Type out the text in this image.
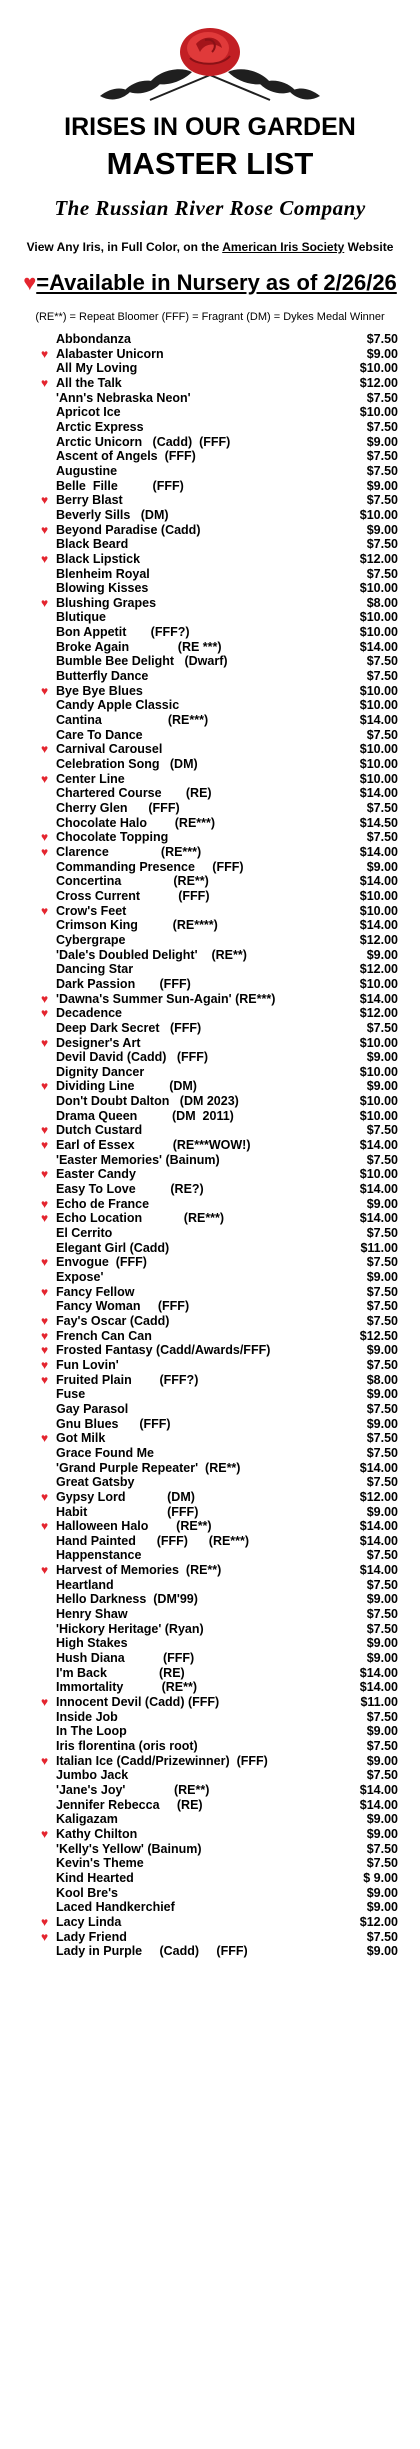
IRISES IN OUR GARDEN
MASTER LIST
The Russian River Rose Company
View Any Iris, in Full Color, on the American Iris Society Website
♥=Available in Nursery as of 2/26/26
(RE**) = Repeat Bloomer (FFF) = Fragrant (DM) = Dykes Medal Winner
Abbondanza	$7.50
♥ Alabaster Unicorn	$9.00
All My Loving	$10.00
♥ All the Talk	$12.00
'Ann's Nebraska Neon'	$7.50
Apricot Ice	$10.00
Arctic Express	$7.50
Arctic Unicorn   (Cadd)  (FFF)	$9.00
Ascent of Angels  (FFF)	$7.50
Augustine	$7.50
Belle  Fille          (FFF)	$9.00
♥ Berry Blast	$7.50
Beverly Sills   (DM)	$10.00
♥ Beyond Paradise (Cadd)	$9.00
Black Beard	$7.50
♥ Black Lipstick	$12.00
Blenheim Royal	$7.50
Blowing Kisses	$10.00
♥ Blushing Grapes	$8.00
Blutique	$10.00
Bon Appetit       (FFF?)	$10.00
Broke Again              (RE ***)	$14.00
Bumble Bee Delight   (Dwarf)	$7.50
Butterfly Dance	$7.50
♥ Bye Bye Blues	$10.00
Candy Apple Classic	$10.00
Cantina                   (RE***)	$14.00
Care To Dance	$7.50
♥ Carnival Carousel	$10.00
Celebration Song   (DM)	$10.00
♥ Center Line	$10.00
Chartered Course       (RE)	$14.00
Cherry Glen      (FFF)	$7.50
Chocolate Halo        (RE***)	$14.50
♥ Chocolate Topping	$7.50
♥ Clarence               (RE***)	$14.00
Commanding Presence     (FFF)	$9.00
Concertina               (RE**)	$14.00
Cross Current           (FFF)	$10.00
♥ Crow's Feet	$10.00
Crimson King          (RE****)	$14.00
Cybergrape	$12.00
'Dale's Doubled Delight'    (RE**)	$9.00
Dancing Star	$12.00
Dark Passion       (FFF)	$10.00
♥ 'Dawna's Summer Sun-Again' (RE***)	$14.00
♥ Decadence	$12.00
Deep Dark Secret   (FFF)	$7.50
♥ Designer's Art	$10.00
Devil David (Cadd)   (FFF)	$9.00
Dignity Dancer	$10.00
♥ Dividing Line          (DM)	$9.00
Don't Doubt Dalton   (DM 2023)	$10.00
Drama Queen          (DM  2011)	$10.00
♥ Dutch Custard	$7.50
♥ Earl of Essex           (RE***WOW!)	$14.00
'Easter Memories' (Bainum)	$7.50
♥ Easter Candy	$10.00
Easy To Love          (RE?)	$14.00
♥ Echo de France	$9.00
♥ Echo Location            (RE***)	$14.00
El Cerrito	$7.50
Elegant Girl (Cadd)	$11.00
♥ Envogue  (FFF)	$7.50
Expose'	$9.00
♥ Fancy Fellow	$7.50
Fancy Woman     (FFF)	$7.50
♥ Fay's Oscar (Cadd)	$7.50
♥ French Can Can	$12.50
♥ Frosted Fantasy (Cadd/Awards/FFF)	$9.00
♥ Fun Lovin'	$7.50
♥ Fruited Plain        (FFF?)	$8.00
Fuse	$9.00
Gay Parasol	$7.50
Gnu Blues      (FFF)	$9.00
♥ Got Milk	$7.50
Grace Found Me	$7.50
'Grand Purple Repeater'  (RE**)	$14.00
Great Gatsby	$7.50
♥ Gypsy Lord            (DM)	$12.00
Habit                       (FFF)	$9.00
♥ Halloween Halo        (RE**)	$14.00
Hand Painted      (FFF)      (RE***)	$14.00
Happenstance	$7.50
♥ Harvest of Memories  (RE**)	$14.00
Heartland	$7.50
Hello Darkness  (DM'99)	$9.00
Henry Shaw	$7.50
'Hickory Heritage' (Ryan)	$7.50
High Stakes	$9.00
Hush Diana           (FFF)	$9.00
I'm Back               (RE)	$14.00
Immortality           (RE**)	$14.00
♥ Innocent Devil (Cadd) (FFF)	$11.00
Inside Job	$7.50
In The Loop	$9.00
Iris florentina (oris root)	$7.50
♥ Italian Ice (Cadd/Prizewinner)  (FFF)	$9.00
Jumbo Jack	$7.50
'Jane's Joy'              (RE**)	$14.00
Jennifer Rebecca     (RE)	$14.00
Kaligazam	$9.00
♥ Kathy Chilton	$9.00
'Kelly's Yellow' (Bainum)	$7.50
Kevin's Theme	$7.50
Kind Hearted	$ 9.00
Kool Bre's	$9.00
Laced Handkerchief	$9.00
♥ Lacy Linda	$12.00
♥ Lady Friend	$7.50
Lady in Purple     (Cadd)     (FFF)	$9.00
